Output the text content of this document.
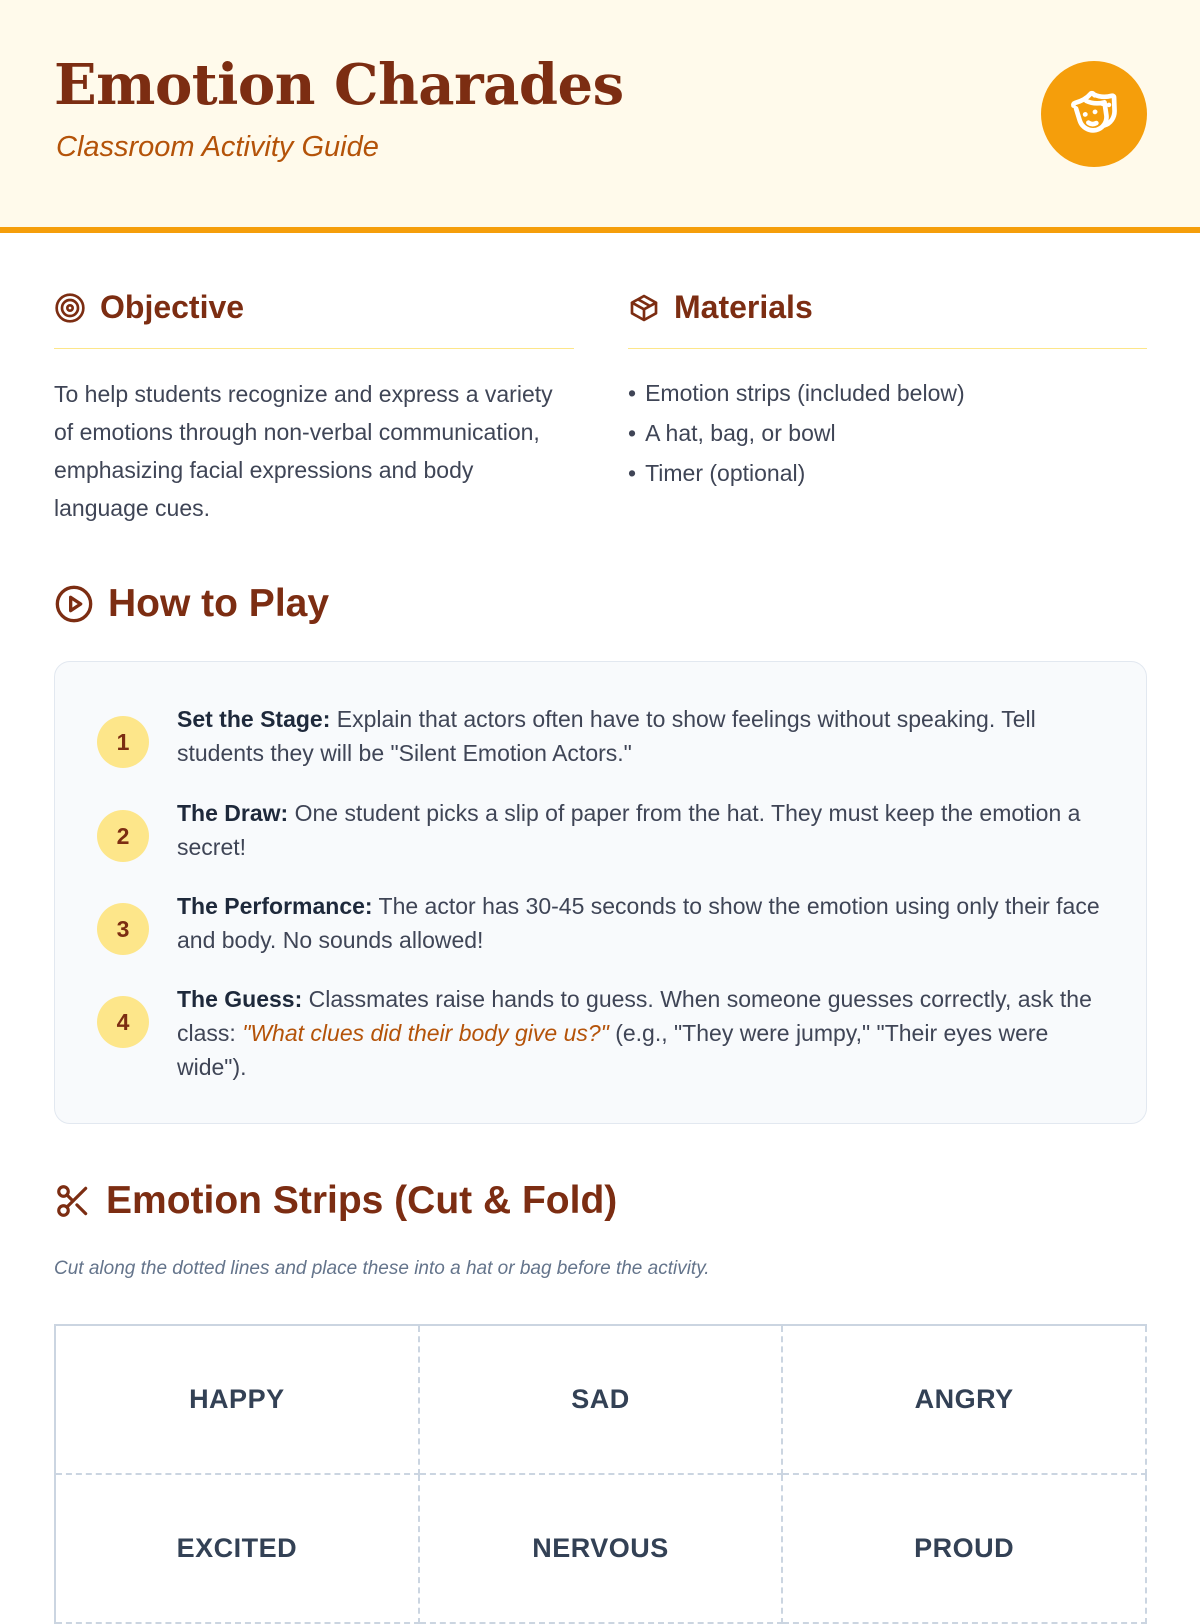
Emotion Charades
Classroom Activity Guide
Objective

To help students recognize and express a variety of emotions through non-verbal communication, emphasizing facial expressions and body language cues.

Materials
• Emotion strips (included below)
• A hat, bag, or bowl
• Timer (optional)
How to Play
1
Set the Stage: Explain that actors often have to show feelings without speaking. Tell students they will be "Silent Emotion Actors."
2
The Draw: One student picks a slip of paper from the hat. They must keep the emotion a secret!
3
The Performance: The actor has 30-45 seconds to show the emotion using only their face and body. No sounds allowed!
4
The Guess: Classmates raise hands to guess. When someone guesses correctly, ask the class: "What clues did their body give us?" (e.g., "They were jumpy," "Their eyes were wide").
Emotion Strips (Cut & Fold)
Cut along the dotted lines and place these into a hat or bag before the activity.
HAPPY	SAD	ANGRY
EXCITED	NERVOUS	PROUD
